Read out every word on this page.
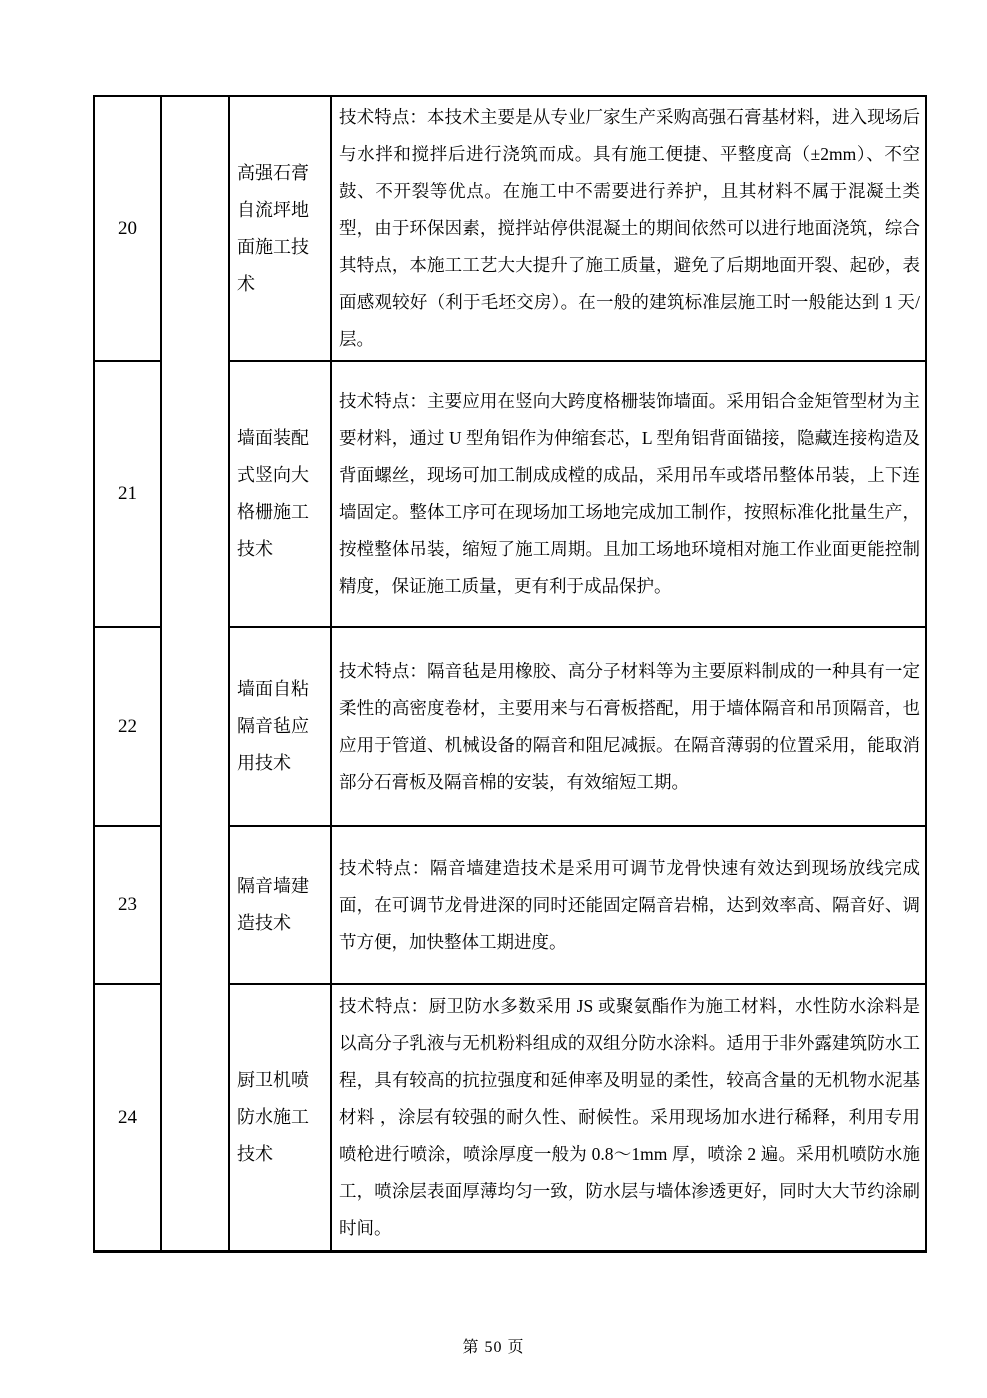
20		高强石膏自流坪地面施工技术	技术特点：本技术主要是从专业厂家生产采购高强石膏基材料，进入现场后与水拌和搅拌后进行浇筑而成。具有施工便捷、平整度高（±2mm）、不空鼓、不开裂等优点。在施工中不需要进行养护，且其材料不属于混凝土类型，由于环保因素，搅拌站停供混凝土的期间依然可以进行地面浇筑，综合其特点，本施工工艺大大提升了施工质量，避免了后期地面开裂、起砂，表面感观较好（利于毛坯交房）。在一般的建筑标准层施工时一般能达到 1 天/层。
21		墙面装配式竖向大格栅施工技术	技术特点：主要应用在竖向大跨度格栅装饰墙面。采用铝合金矩管型材为主要材料，通过 U 型角铝作为伸缩套芯，L 型角铝背面锚接，隐藏连接构造及背面螺丝，现场可加工制成成樘的成品，采用吊车或塔吊整体吊装，上下连墙固定。整体工序可在现场加工场地完成加工制作，按照标准化批量生产，按樘整体吊装，缩短了施工周期。且加工场地环境相对施工作业面更能控制精度，保证施工质量，更有利于成品保护。
22		墙面自粘隔音毡应用技术	技术特点：隔音毡是用橡胶、高分子材料等为主要原料制成的一种具有一定柔性的高密度卷材，主要用来与石膏板搭配，用于墙体隔音和吊顶隔音，也应用于管道、机械设备的隔音和阻尼减振。在隔音薄弱的位置采用，能取消部分石膏板及隔音棉的安装，有效缩短工期。
23		隔音墙建造技术	技术特点：隔音墙建造技术是采用可调节龙骨快速有效达到现场放线完成面，在可调节龙骨进深的同时还能固定隔音岩棉，达到效率高、隔音好、调节方便，加快整体工期进度。
24		厨卫机喷防水施工技术	技术特点：厨卫防水多数采用 JS 或聚氨酯作为施工材料，水性防水涂料是以高分子乳液与无机粉料组成的双组分防水涂料。适用于非外露建筑防水工程，具有较高的抗拉强度和延伸率及明显的柔性，较高含量的无机物水泥基材料 ，涂层有较强的耐久性、耐候性。采用现场加水进行稀释，利用专用喷枪进行喷涂，喷涂厚度一般为 0.8～1mm 厚，喷涂 2 遍。采用机喷防水施工，喷涂层表面厚薄均匀一致，防水层与墙体渗透更好，同时大大节约涂刷时间。
第 50 页
